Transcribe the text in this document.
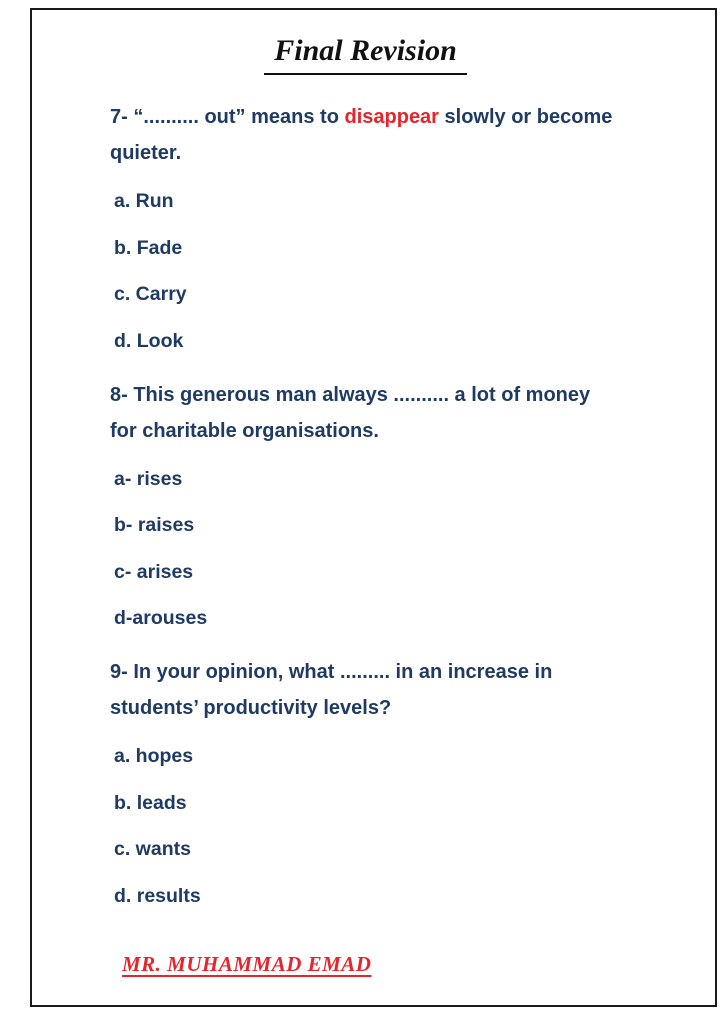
Final Revision

7- “.......... out” means to disappear slowly or become quieter.

a. Run
b. Fade
c. Carry
d. Look

8- This generous man always .......... a lot of money for charitable organisations.

a- rises
b- raises
c- arises
d-arouses

9- In your opinion, what ......... in an increase in students’ productivity levels?

a. hopes
b. leads
c. wants
d. results
MR. MUHAMMAD EMAD
